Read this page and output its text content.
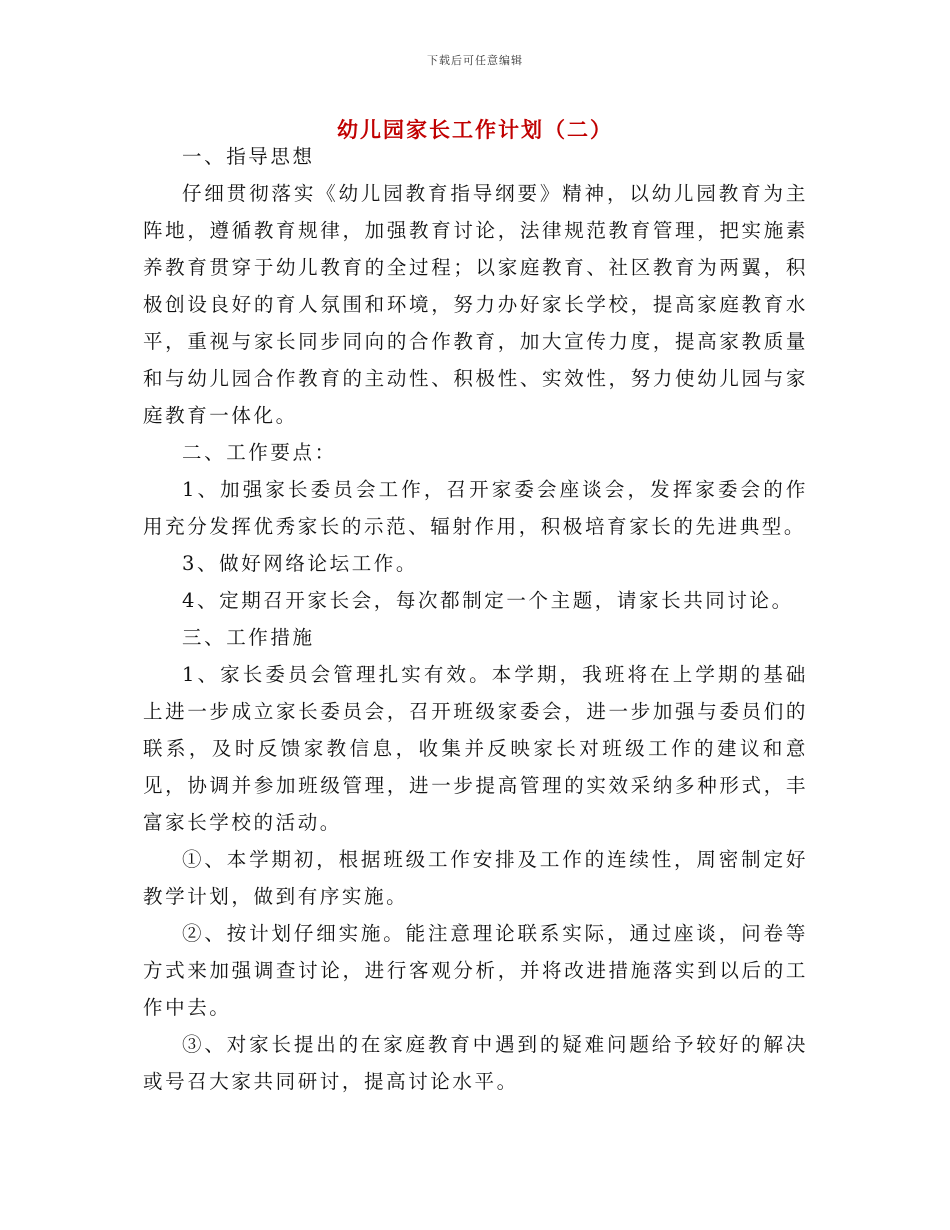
下载后可任意编辑
幼儿园家长工作计划（二）

一、指导思想

仔细贯彻落实《幼儿园教育指导纲要》精神，以幼儿园教育为主阵地，遵循教育规律，加强教育讨论，法律规范教育管理，把实施素养教育贯穿于幼儿教育的全过程；以家庭教育、社区教育为两翼，积极创设良好的育人氛围和环境，努力办好家长学校，提高家庭教育水平，重视与家长同步同向的合作教育，加大宣传力度，提高家教质量和与幼儿园合作教育的主动性、积极性、实效性，努力使幼儿园与家庭教育一体化。

二、工作要点：

1、加强家长委员会工作，召开家委会座谈会，发挥家委会的作用充分发挥优秀家长的示范、辐射作用，积极培育家长的先进典型。

3、做好网络论坛工作。

4、定期召开家长会，每次都制定一个主题，请家长共同讨论。

三、工作措施

1、家长委员会管理扎实有效。本学期，我班将在上学期的基础上进一步成立家长委员会，召开班级家委会，进一步加强与委员们的联系，及时反馈家教信息，收集并反映家长对班级工作的建议和意见，协调并参加班级管理，进一步提高管理的实效采纳多种形式，丰富家长学校的活动。

①、本学期初，根据班级工作安排及工作的连续性，周密制定好教学计划，做到有序实施。

②、按计划仔细实施。能注意理论联系实际，通过座谈，问卷等方式来加强调查讨论，进行客观分析，并将改进措施落实到以后的工作中去。

③、对家长提出的在家庭教育中遇到的疑难问题给予较好的解决或号召大家共同研讨，提高讨论水平。
